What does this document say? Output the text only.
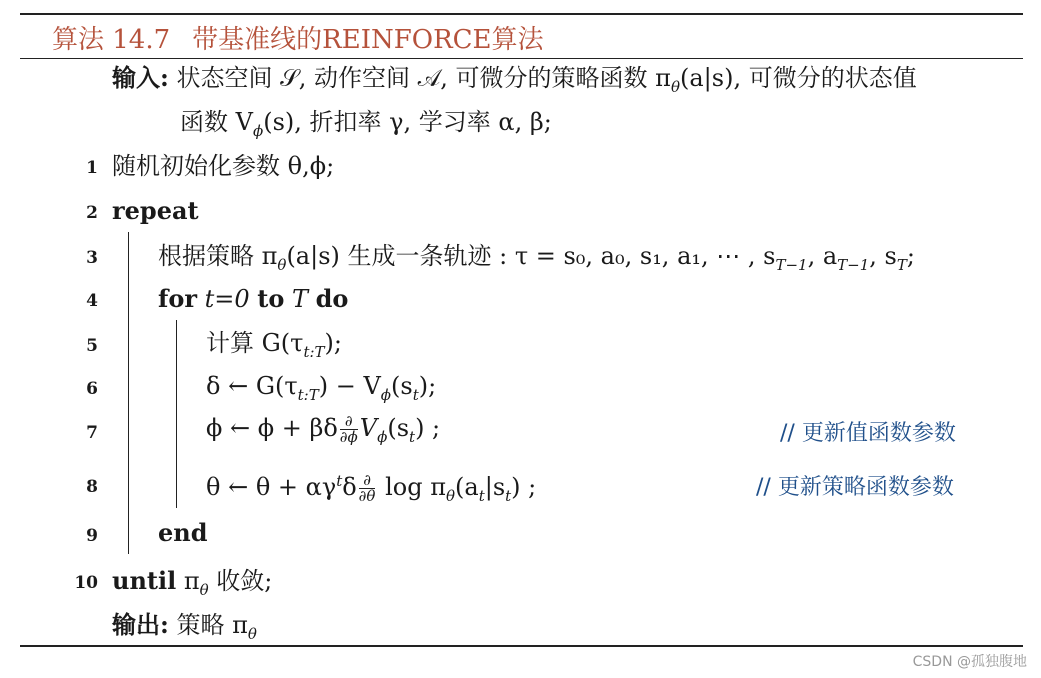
算法 14.7 带基准线的REINFORCE算法
输入: 状态空间 𝒮, 动作空间 𝒜, 可微分的策略函数 $\pi_\theta(a|s)$, 可微分的状态值
函数 $V_\phi(s)$, 折扣率 γ, 学习率 α, β;
1 随机初始化参数 θ,ϕ;
2 repeat
3	根据策略 $\pi_\theta(a|s)$ 生成一条轨迹 : τ = s₀, a₀, s₁, a₁, ⋯ , $s_{T-1}$, $a_{T-1}$, $s_T$;
4	for t=0 to T do
5	计算 $G(\tau_{t:T})$;
6	δ ← $G(\tau_{t:T}) - V_\phi(s_t)$;
7	ϕ ← ϕ + βδ $\frac{\partial}{\partial\phi} V_\phi(s_t)$ ;	// 更新值函数参数
8	θ ← $\theta + \alpha\gamma^t\delta \frac{\partial}{\partial\theta}$ $\log \pi_\theta(a_t|s_t)$ ;	// 更新策略函数参数
9	end
10 until $\pi_\theta$ 收敛;
输出: 策略 $\pi_\theta$
CSDN @孤独腹地
